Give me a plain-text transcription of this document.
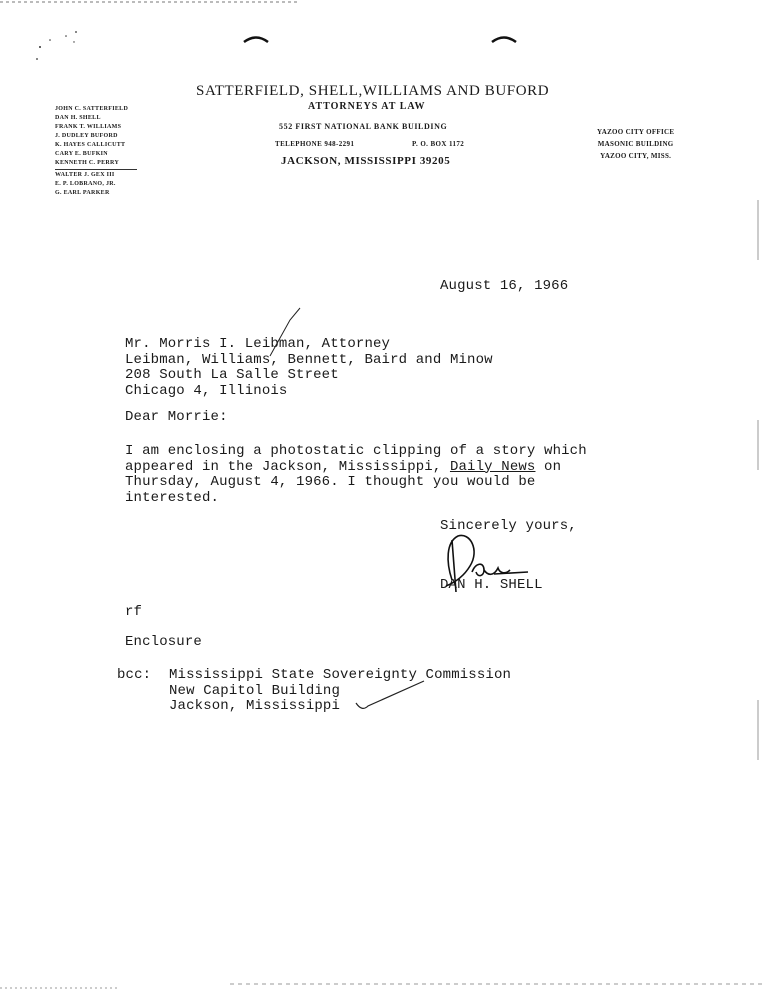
SATTERFIELD, SHELL,WILLIAMS AND BUFORD
ATTORNEYS AT LAW
552 FIRST NATIONAL BANK BUILDING
TELEPHONE 948-2291	P. O. BOX 1172
JACKSON, MISSISSIPPI 39205
JOHN C. SATTERFIELD
DAN H. SHELL
FRANK T. WILLIAMS
J. DUDLEY BUFORD
K. HAYES CALLICUTT
CARY E. BUFKIN
KENNETH C. PERRY
WALTER J. GEX III
E. P. LOBRANO, JR.
G. EARL PARKER
YAZOO CITY OFFICE
MASONIC BUILDING
YAZOO CITY, MISS.
August 16, 1966
Mr. Morris I. Leibman, Attorney
Leibman, Williams, Bennett, Baird and Minow
208 South La Salle Street
Chicago 4, Illinois
Dear Morrie:
I am enclosing a photostatic clipping of a story which
appeared in the Jackson, Mississippi, Daily News on
Thursday, August 4, 1966. I thought you would be
interested.
Sincerely yours,
DAN H. SHELL
rf
Enclosure
bcc: Mississippi State Sovereignty Commission
New Capitol Building
Jackson, Mississippi
